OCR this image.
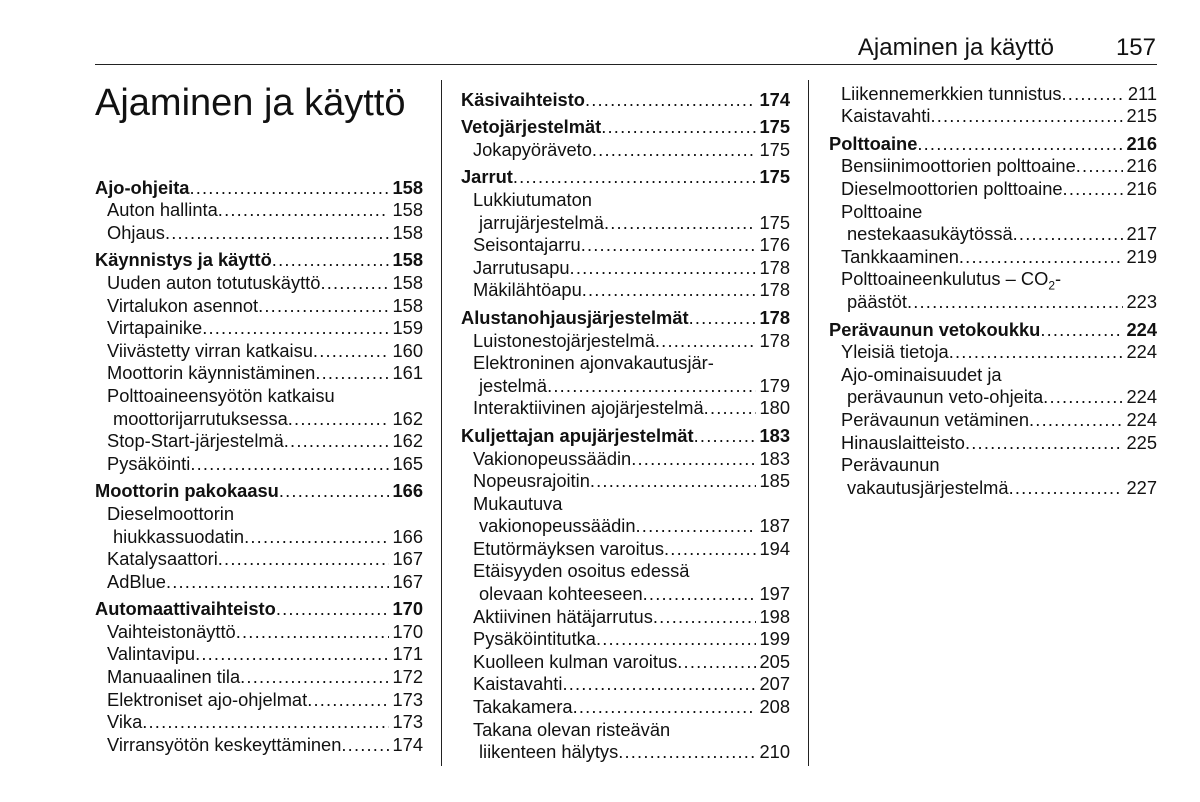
Ajaminen ja käyttö	157
Ajaminen ja käyttö
Ajo-ohjeita .....	158
Auton hallinta .....	158
Ohjaus .....	158
Käynnistys ja käyttö .....	158
Uuden auton totutuskäyttö .....	158
Virtalukon asennot .....	158
Virtapainike .....	159
Viivästetty virran katkaisu .....	160
Moottorin käynnistäminen .....	161
Polttoaineensyötön katkaisu
moottorijarrutuksessa .....	162
Stop-Start-järjestelmä .....	162
Pysäköinti .....	165
Moottorin pakokaasu .....	166
Dieselmoottorin
hiukkassuodatin .....	166
Katalysaattori .....	167
AdBlue .....	167
Automaattivaihteisto .....	170
Vaihteistonäyttö .....	170
Valintavipu .....	171
Manuaalinen tila .....	172
Elektroniset ajo-ohjelmat .....	173
Vika .....	173
Virransyötön keskeyttäminen .....	174
Käsivaihteisto .....	174
Vetojärjestelmät .....	175
Jokapyöräveto .....	175
Jarrut .....	175
Lukkiutumaton
jarrujärjestelmä .....	175
Seisontajarru .....	176
Jarrutusapu .....	178
Mäkilähtöapu .....	178
Alustanohjausjärjestelmät .....	178
Luistonestojärjestelmä .....	178
Elektroninen ajonvakautusjär-
jestelmä .....	179
Interaktiivinen ajojärjestelmä .....	180
Kuljettajan apujärjestelmät .....	183
Vakionopeussäädin .....	183
Nopeusrajoitin .....	185
Mukautuva
vakionopeussäädin .....	187
Etutörmäyksen varoitus .....	194
Etäisyyden osoitus edessä
olevaan kohteeseen .....	197
Aktiivinen hätäjarrutus .....	198
Pysäköintitutka .....	199
Kuolleen kulman varoitus .....	205
Kaistavahti .....	207
Takakamera .....	208
Takana olevan risteävän
liikenteen hälytys .....	210
Liikennemerkkien tunnistus .....	211
Kaistavahti .....	215
Polttoaine .....	216
Bensiinimoottorien polttoaine .....	216
Dieselmoottorien polttoaine .....	216
Polttoaine
nestekaasukäytössä .....	217
Tankkaaminen .....	219
Polttoaineenkulutus – $CO_2-$
päästöt .....	223
Perävaunun vetokoukku .....	224
Yleisiä tietoja .....	224
Ajo-ominaisuudet ja
perävaunun veto-ohjeita .....	224
Perävaunun vetäminen .....	224
Hinauslaitteisto .....	225
Perävaunun
vakautusjärjestelmä .....	227
